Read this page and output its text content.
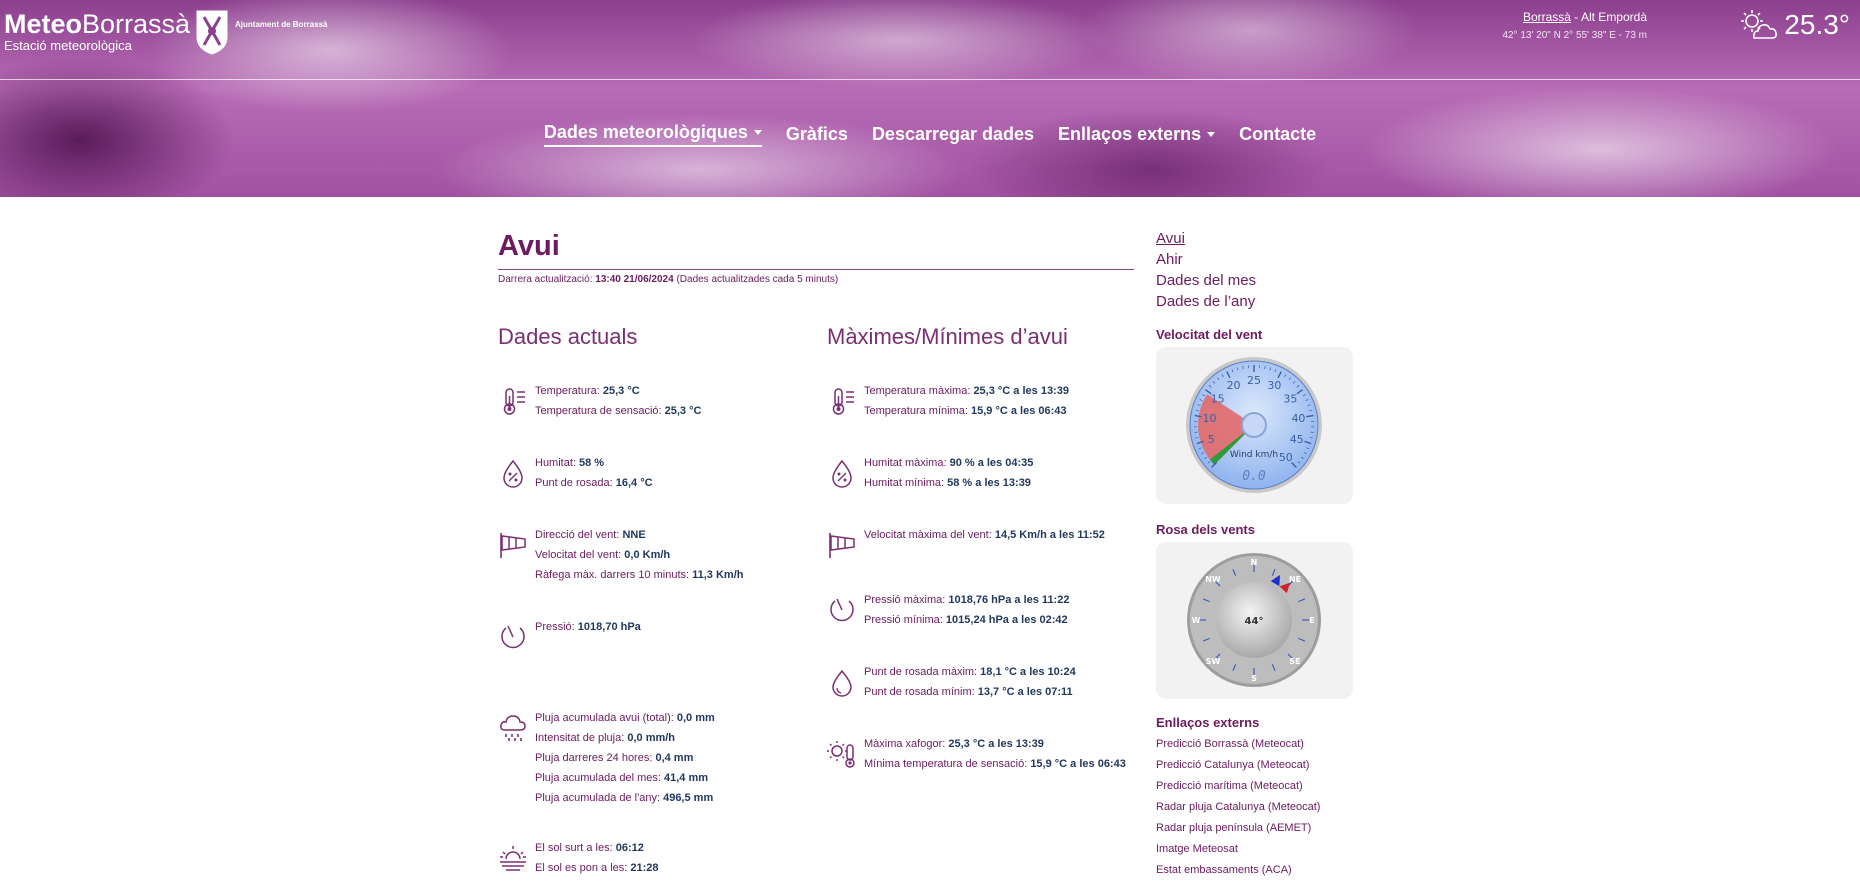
MeteoBorrassà
Estació meteorològica
Ajuntament de Borrassà
Borrassà - Alt Empordà
42° 13' 20" N 2° 55' 38" E - 73 m	25.3°
Dades meteorològiques Gràfics Descarregar dades Enllaços externs Contacte
Avui
Darrera actualització: 13:40 21/06/2024 (Dades actualitzades cada 5 minuts)
Dades actuals
Temperatura: 25,3 °C
Temperatura de sensació: 25,3 °C
Humitat: 58 %
Punt de rosada: 16,4 °C
Direcció del vent: NNE
Velocitat del vent: 0,0 Km/h
Ràfega màx. darrers 10 minuts: 11,3 Km/h
Pressió: 1018,70 hPa
Pluja acumulada avui (total): 0,0 mm
Intensitat de pluja: 0,0 mm/h
Pluja darreres 24 hores: 0,4 mm
Pluja acumulada del mes: 41,4 mm
Pluja acumulada de l'any: 496,5 mm
El sol surt a les: 06:12
El sol es pon a les: 21:28
Màximes/Mínimes d’avui
Temperatura màxima: 25,3 °C a les 13:39
Temperatura mínima: 15,9 °C a les 06:43
Humitat màxima: 90 % a les 04:35
Humitat mínima: 58 % a les 13:39
Velocitat màxima del vent: 14,5 Km/h a les 11:52
Pressió màxima: 1018,76 hPa a les 11:22
Pressió mínima: 1015,24 hPa a les 02:42
Punt de rosada màxim: 18,1 °C a les 10:24
Punt de rosada mínim: 13,7 °C a les 07:11
Màxima xafogor: 25,3 °C a les 13:39
Mínima temperatura de sensació: 15,9 °C a les 06:43
Avui
Ahir
Dades del mes
Dades de l’any
Velocitat del vent
5
10
15
20 25 30
35
40
45
50
Wind km/h
0.0
Rosa dels vents
N
NE
E
SE
S
SW
W
NW
44°
Enllaços externs
Predicció Borrassà (Meteocat)
Predicció Catalunya (Meteocat)
Predicció marítima (Meteocat)
Radar pluja Catalunya (Meteocat)
Radar pluja península (AEMET)
Imatge Meteosat
Estat embassaments (ACA)
